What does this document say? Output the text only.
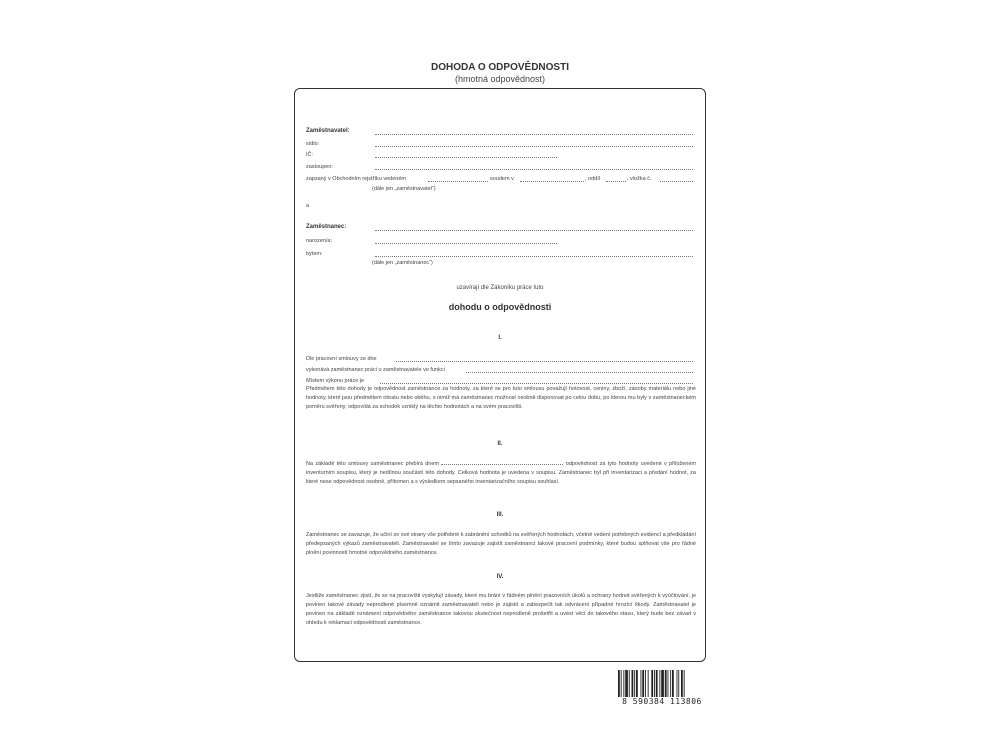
DOHODA O ODPOVĚDNOSTI
(hmotná odpovědnost)
Zaměstnavatel:
sídlo:
IČ:
zastoupen:
zapsaný v Obchodním rejstříku vedeném	soudem v	, oddíl	, vložka č.
(dále jen „zaměstnavatel“)
a
Zaměstnanec:
narozen/a:
bytem:
(dále jen „zaměstnanec“)
uzavírají dle Zákoníku práce tuto
dohodu o odpovědnosti
I.
Dle pracovní smlouvy ze dne
vykonává zaměstnanec práci u zaměstnavatele ve funkci
Místem výkonu práce je
Předmětem této dohody je odpovědnost zaměstnance za hodnoty, za které se pro tuto smlouvu považují hotovost, ceniny, zboží, zásoby materiálu nebo jiné hodnoty, které jsou předmětem obratu nebo oběhu, s nimiž má zaměstnanec možnost osobně disponovat po celou dobu, po kterou mu byly v zaměstnaneckém poměru svěřeny, odpovídá za schodek vzniklý na těchto hodnotách a na svém pracovišti.
II.
Na základě této smlouvy zaměstnanec přebírá dnem	odpovědnost za tyto hodnoty uvedené v přiloženém inventurním soupisu, který je nedílnou součástí této dohody. Celková hodnota je uvedena v soupisu. Zaměstnanec byl při inventarizaci a předání hodnot, za které nese odpovědnost osobně, přítomen a s výsledkem sepsaného inventarizačního soupisu souhlasí.
III.
Zaměstnanec se zavazuje, že učiní ze své strany vše potřebné k zabránění schodků na svěřených hodnotách, včetně vedení potřebných evidencí a předkládání předepsaných výkazů zaměstnavateli. Zaměstnavatel se tímto zavazuje zajistit zaměstnanci takové pracovní podmínky, které budou splňovat vše pro řádné plnění povinností hmotné odpovědného zaměstnance.
IV.
Jestliže zaměstnanec zjistí, že se na pracovišti vyskytují závady, které mu brání v řádném plnění pracovních úkolů a ochrany hodnot svěřených k vyúčtování, je povinen takové závady neprodleně písemně oznámit zaměstnavateli nebo je zajistit a zabezpečit tak odvrácení případné hrozící škody. Zaměstnavatel je povinen na základě oznámení odpovědného zaměstnance takovou skutečnost neprodleně prošetřit a uvést věci do takového stavu, který bude bez závad v ohledu k reklamaci odpovědnosti zaměstnance.
8 590384 113806
